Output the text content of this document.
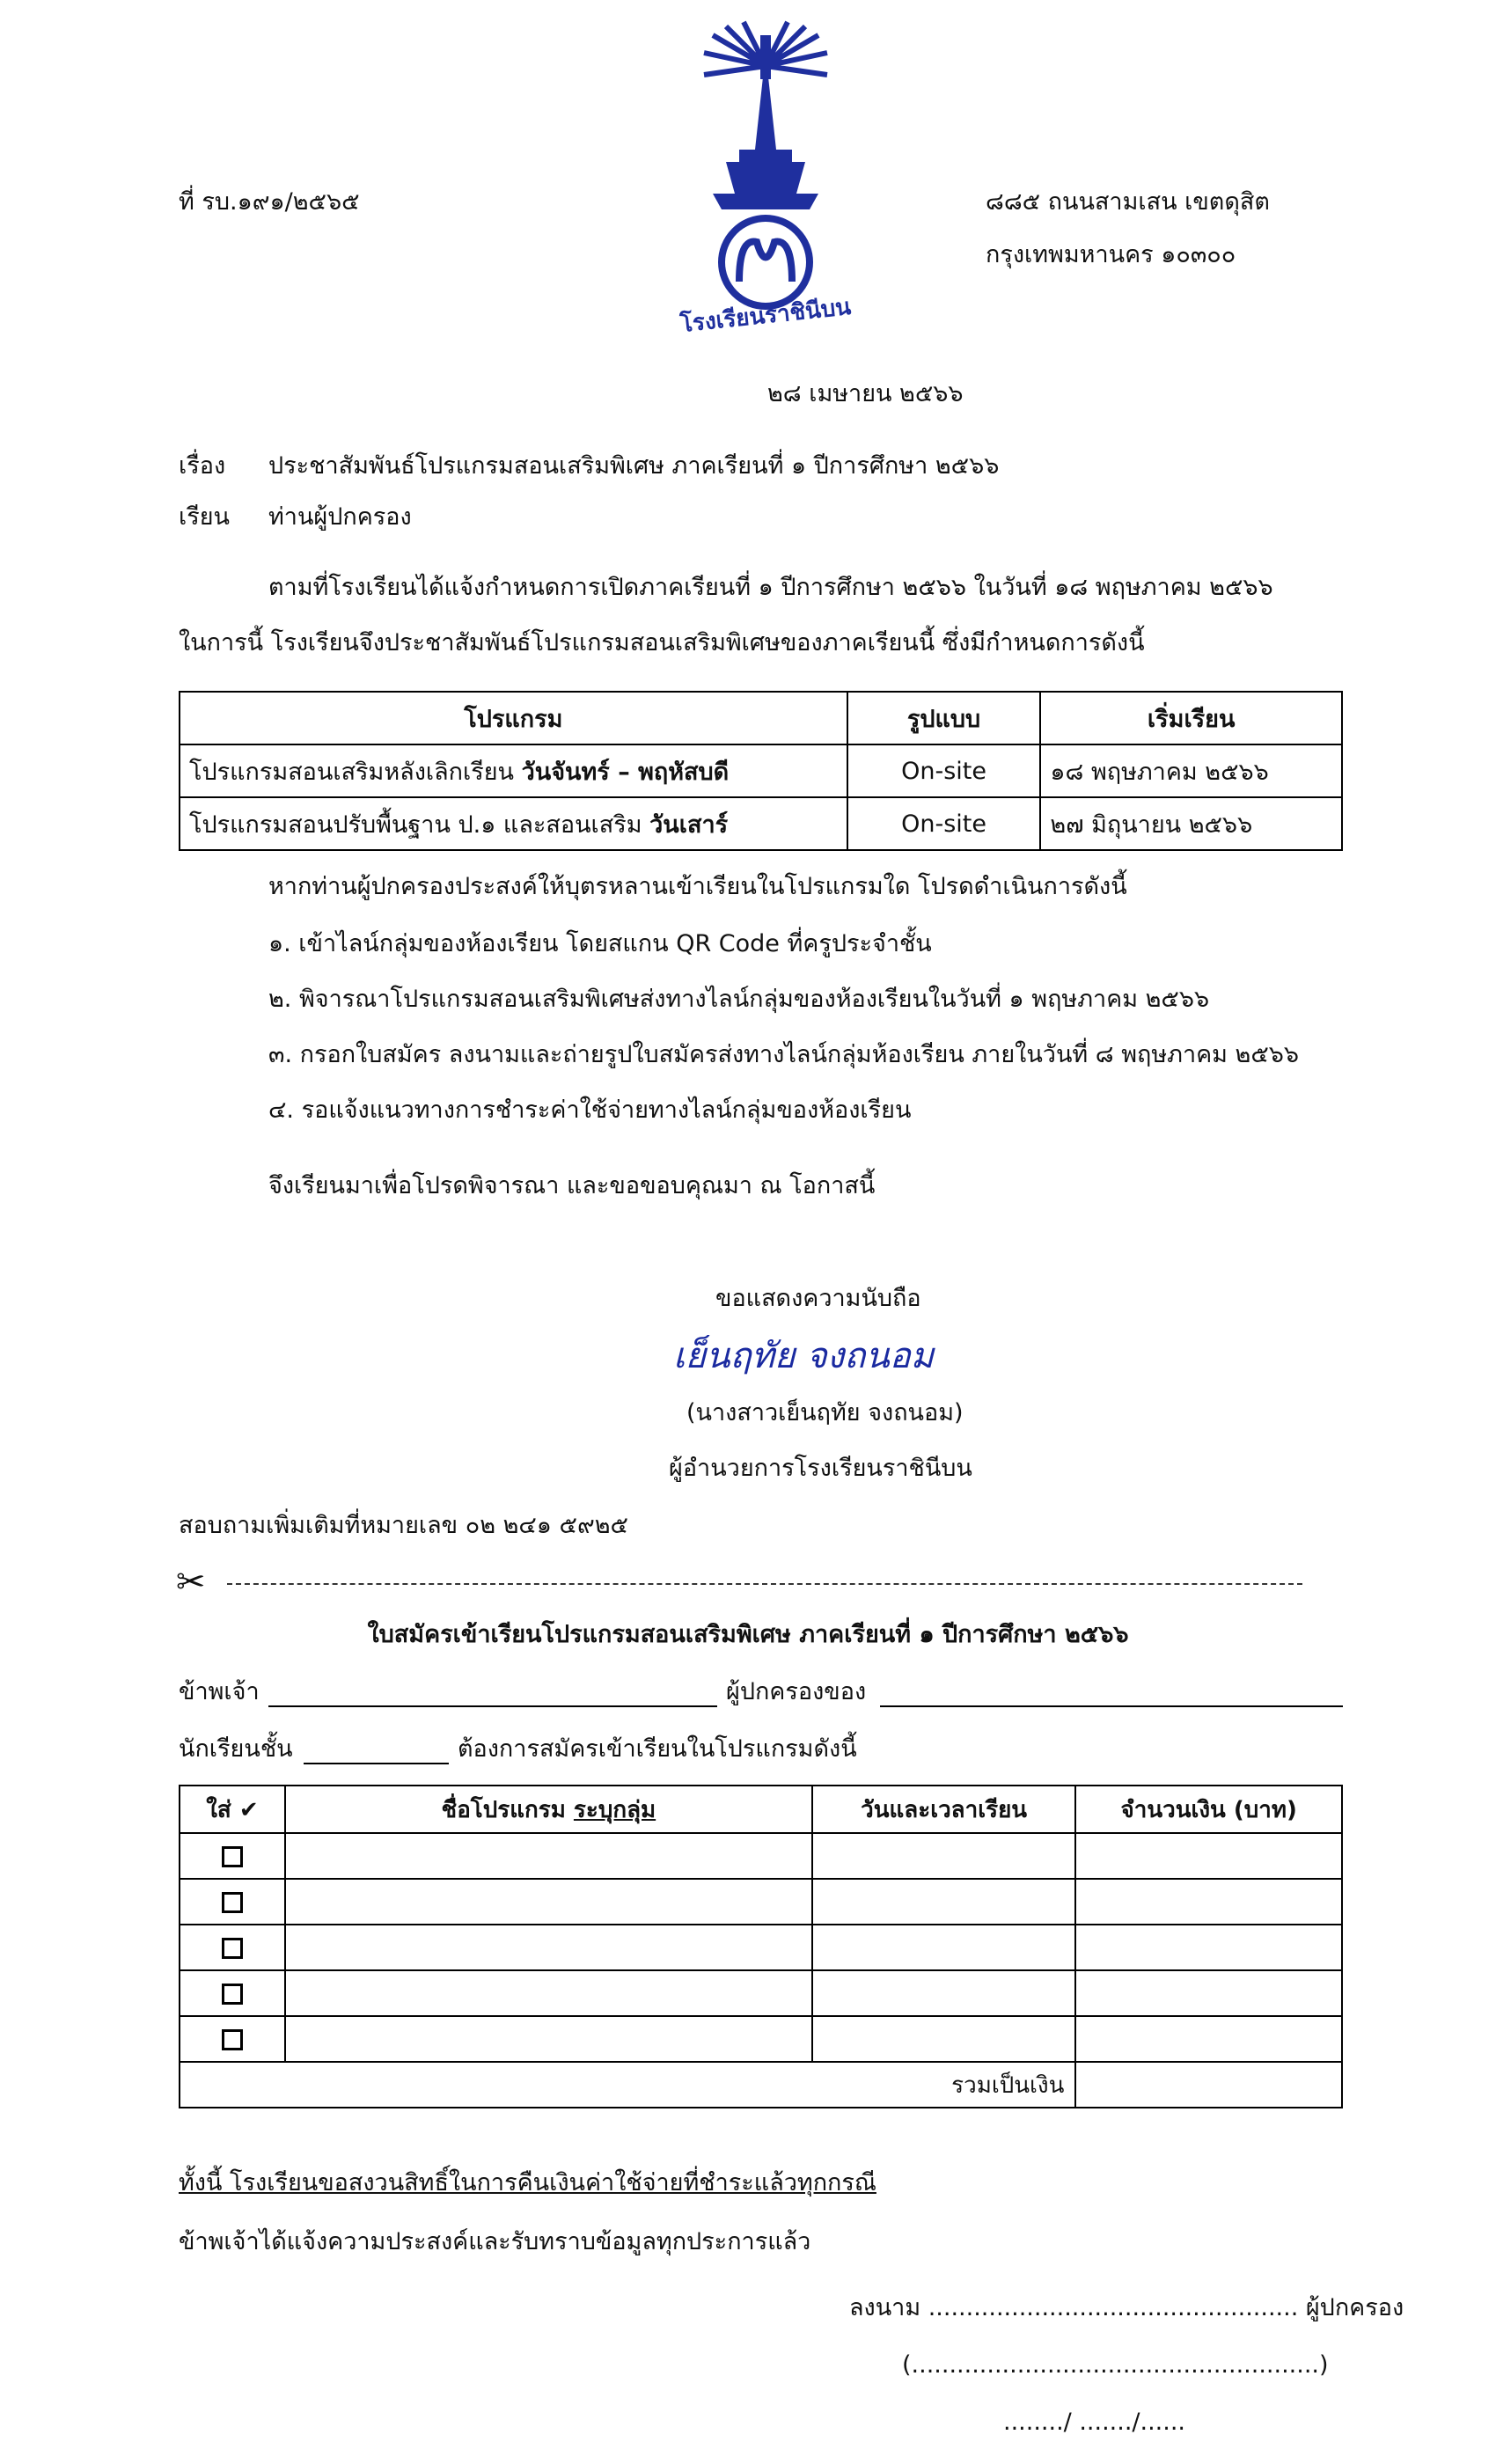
ที่ รบ.๑๙๑/๒๕๖๕	๘๘๕ ถนนสามเสน เขตดุสิต
กรุงเทพมหานคร ๑๐๓๐๐
โรงเรียนราชินีบน
๒๘ เมษายน ๒๕๖๖
เรื่อง ประชาสัมพันธ์โปรแกรมสอนเสริมพิเศษ ภาคเรียนที่ ๑ ปีการศึกษา ๒๕๖๖
เรียน ท่านผู้ปกครอง
ตามที่โรงเรียนได้แจ้งกำหนดการเปิดภาคเรียนที่ ๑ ปีการศึกษา ๒๕๖๖ ในวันที่ ๑๘ พฤษภาคม ๒๕๖๖
ในการนี้ โรงเรียนจึงประชาสัมพันธ์โปรแกรมสอนเสริมพิเศษของภาคเรียนนี้ ซึ่งมีกำหนดการดังนี้
โปรแกรม	รูปแบบ	เริ่มเรียน
โปรแกรมสอนเสริมหลังเลิกเรียน วันจันทร์ – พฤหัสบดี	On-site	๑๘ พฤษภาคม ๒๕๖๖
โปรแกรมสอนปรับพื้นฐาน ป.๑ และสอนเสริม วันเสาร์	On-site	๒๗ มิถุนายน ๒๕๖๖
หากท่านผู้ปกครองประสงค์ให้บุตรหลานเข้าเรียนในโปรแกรมใด โปรดดำเนินการดังนี้
๑. เข้าไลน์กลุ่มของห้องเรียน โดยสแกน QR Code ที่ครูประจำชั้น
๒. พิจารณาโปรแกรมสอนเสริมพิเศษส่งทางไลน์กลุ่มของห้องเรียนในวันที่ ๑ พฤษภาคม ๒๕๖๖
๓. กรอกใบสมัคร ลงนามและถ่ายรูปใบสมัครส่งทางไลน์กลุ่มห้องเรียน ภายในวันที่ ๘ พฤษภาคม ๒๕๖๖
๔. รอแจ้งแนวทางการชำระค่าใช้จ่ายทางไลน์กลุ่มของห้องเรียน
จึงเรียนมาเพื่อโปรดพิจารณา และขอขอบคุณมา ณ โอกาสนี้
ขอแสดงความนับถือ
เย็นฤทัย จงถนอม
(นางสาวเย็นฤทัย จงถนอม)
ผู้อำนวยการโรงเรียนราชินีบน
สอบถามเพิ่มเติมที่หมายเลข ๐๒ ๒๔๑ ๕๙๒๕
✂
ใบสมัครเข้าเรียนโปรแกรมสอนเสริมพิเศษ ภาคเรียนที่ ๑ ปีการศึกษา ๒๕๖๖
ข้าพเจ้า	ผู้ปกครองของ
นักเรียนชั้น	ต้องการสมัครเข้าเรียนในโปรแกรมดังนี้
ใส่ ✔	ชื่อโปรแกรม ระบุกลุ่ม	วันและเวลาเรียน	จำนวนเงิน (บาท)

รวมเป็นเงิน			
ทั้งนี้ โรงเรียนขอสงวนสิทธิ์ในการคืนเงินค่าใช้จ่ายที่ชำระแล้วทุกกรณี
ข้าพเจ้าได้แจ้งความประสงค์และรับทราบข้อมูลทุกประการแล้ว
ลงนาม ................................................. ผู้ปกครอง
(......................................................)
......../ ......./......
